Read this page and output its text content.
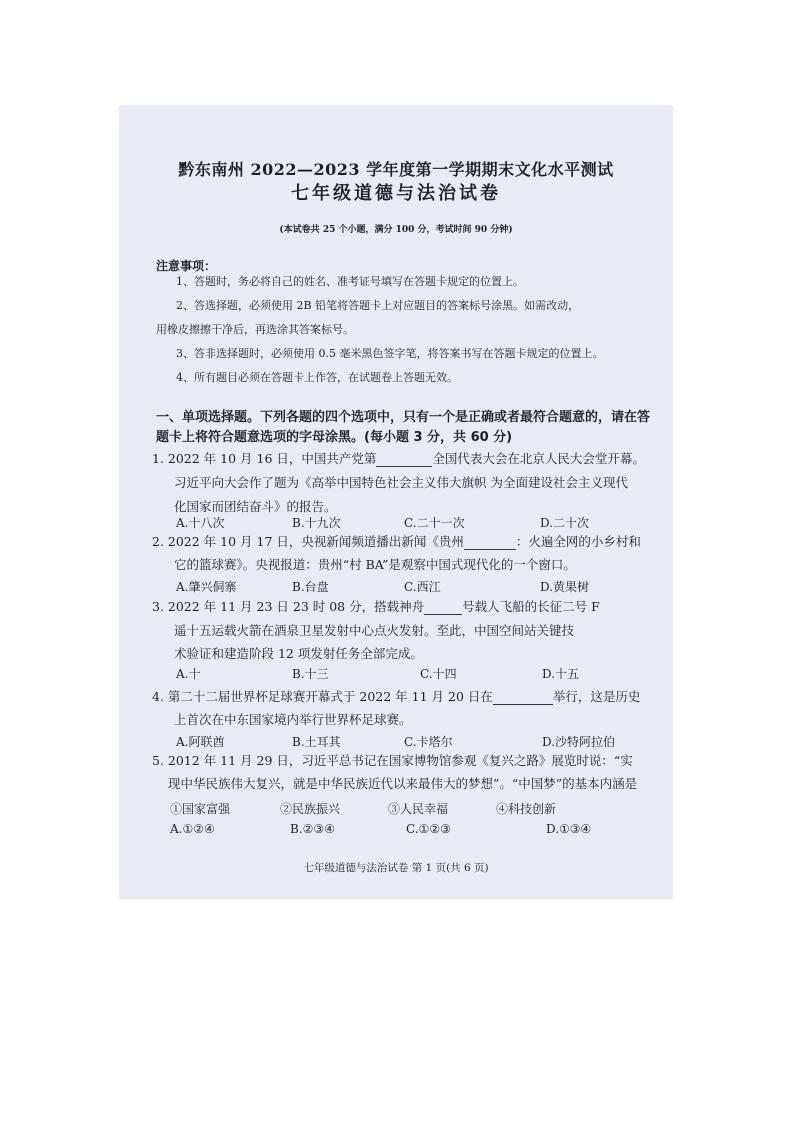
黔东南州 2022—2023 学年度第一学期期末文化水平测试
七年级道德与法治试卷
(本试卷共 25 个小题，满分 100 分，考试时间 90 分钟)
注意事项：
1、答题时，务必将自己的姓名、准考证号填写在答题卡规定的位置上。
2、答选择题，必须使用 2B 铅笔将答题卡上对应题目的答案标号涂黑。如需改动，
用橡皮擦擦干净后，再选涂其答案标号。
3、答非选择题时，必须使用 0.5 毫米黑色签字笔，将答案书写在答题卡规定的位置上。
4、所有题目必须在答题卡上作答，在试题卷上答题无效。
一、单项选择题。下列各题的四个选项中，只有一个是正确或者最符合题意的，请在答
题卡上将符合题意选项的字母涂黑。(每小题 3 分，共 60 分)
1. 2022 年 10 月 16 日，中国共产党第	全国代表大会在北京人民大会堂开幕。
习近平向大会作了题为《高举中国特色社会主义伟大旗帜 为全面建设社会主义现代
化国家而团结奋斗》的报告。
A.十八次	B.十九次	C.二十一次	D.二十次
2. 2022 年 10 月 17 日，央视新闻频道播出新闻《贵州	：火遍全网的小乡村和
它的篮球赛》。央视报道：贵州“村 BA”是观察中国式现代化的一个窗口。
A.肇兴侗寨	B.台盘	C.西江	D.黄果树
3. 2022 年 11 月 23 日 23 时 08 分，搭载神舟	号载人飞船的长征二号 F
遥十五运载火箭在酒泉卫星发射中心点火发射。至此，中国空间站关键技
术验证和建造阶段 12 项发射任务全部完成。
A.十	B.十三	C.十四	D.十五
4. 第二十二届世界杯足球赛开幕式于 2022 年 11 月 20 日在	举行，这是历史
上首次在中东国家境内举行世界杯足球赛。
A.阿联酋	B.土耳其	C.卡塔尔	D.沙特阿拉伯
5. 2012 年 11 月 29 日，习近平总书记在国家博物馆参观《复兴之路》展览时说：“实
现中华民族伟大复兴，就是中华民族近代以来最伟大的梦想”。“中国梦”的基本内涵是
①国家富强	②民族振兴	③人民幸福	④科技创新
A.①②④	B.②③④	C.①②③	D.①③④
七年级道德与法治试卷 第 1 页(共 6 页)
